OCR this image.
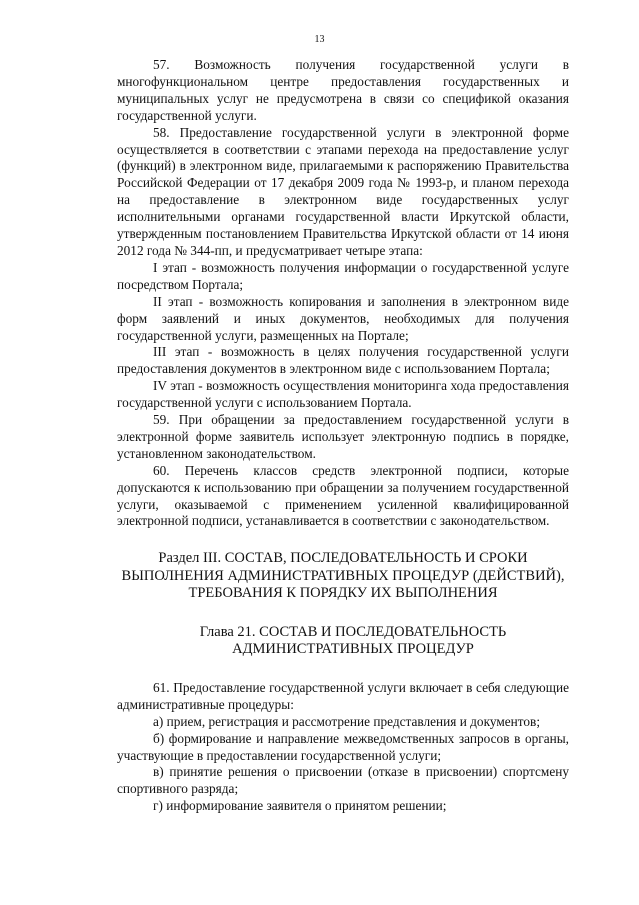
13

57. Возможность получения государственной услуги в многофункциональном центре предоставления государственных и муниципальных услуг не предусмотрена в связи со спецификой оказания государственной услуги.

58. Предоставление государственной услуги в электронной форме осуществляется в соответствии с этапами перехода на предоставление услуг (функций) в электронном виде, прилагаемыми к распоряжению Правительства Российской Федерации от 17 декабря 2009 года № 1993-р, и планом перехода на предоставление в электронном виде государственных услуг исполнительными органами государственной власти Иркутской области, утвержденным постановлением Правительства Иркутской области от 14 июня 2012 года № 344-пп, и предусматривает четыре этапа:

I этап - возможность получения информации о государственной услуге посредством Портала;

II этап - возможность копирования и заполнения в электронном виде форм заявлений и иных документов, необходимых для получения государственной услуги, размещенных на Портале;

III этап - возможность в целях получения государственной услуги предоставления документов в электронном виде с использованием Портала;

IV этап - возможность осуществления мониторинга хода предоставления государственной услуги с использованием Портала.

59. При обращении за предоставлением государственной услуги в электронной форме заявитель использует электронную подпись в порядке, установленном законодательством.

60. Перечень классов средств электронной подписи, которые допускаются к использованию при обращении за получением государственной услуги, оказываемой с применением усиленной квалифицированной электронной подписи, устанавливается в соответствии с законодательством.

Раздел III. СОСТАВ, ПОСЛЕДОВАТЕЛЬНОСТЬ И СРОКИ
ВЫПОЛНЕНИЯ АДМИНИСТРАТИВНЫХ ПРОЦЕДУР (ДЕЙСТВИЙ),
ТРЕБОВАНИЯ К ПОРЯДКУ ИХ ВЫПОЛНЕНИЯ
Глава 21. СОСТАВ И ПОСЛЕДОВАТЕЛЬНОСТЬ
АДМИНИСТРАТИВНЫХ ПРОЦЕДУР

61. Предоставление государственной услуги включает в себя следующие административные процедуры:

а) прием, регистрация и рассмотрение представления и документов;

б) формирование и направление межведомственных запросов в органы, участвующие в предоставлении государственной услуги;

в) принятие решения о присвоении (отказе в присвоении) спортсмену спортивного разряда;

г) информирование заявителя о принятом решении;
